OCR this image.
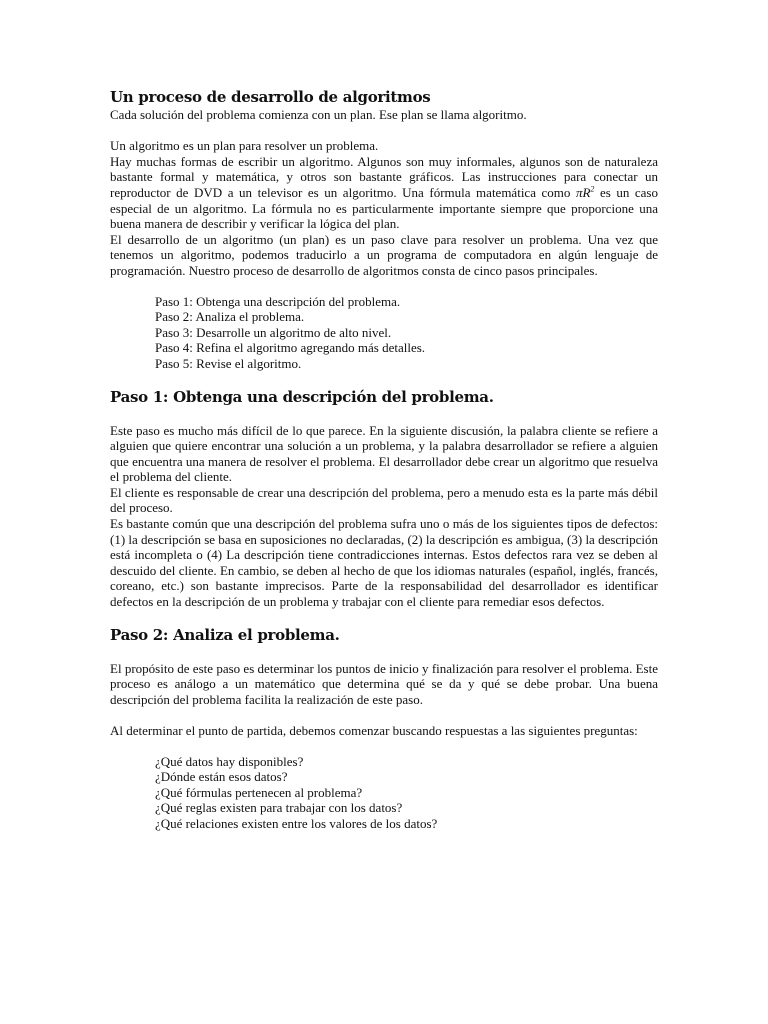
Un proceso de desarrollo de algoritmos

Cada solución del problema comienza con un plan. Ese plan se llama algoritmo.

Un algoritmo es un plan para resolver un problema.

Hay muchas formas de escribir un algoritmo. Algunos son muy informales, algunos son de naturaleza bastante formal y matemática, y otros son bastante gráficos. Las instrucciones para conectar un reproductor de DVD a un televisor es un algoritmo. Una fórmula matemática como $\pi R^2$ es un caso especial de un algoritmo. La fórmula no es particularmente importante siempre que proporcione una buena manera de describir y verificar la lógica del plan.

El desarrollo de un algoritmo (un plan) es un paso clave para resolver un problema. Una vez que tenemos un algoritmo, podemos traducirlo a un programa de computadora en algún lenguaje de programación. Nuestro proceso de desarrollo de algoritmos consta de cinco pasos principales.

Paso 1: Obtenga una descripción del problema.
Paso 2: Analiza el problema.
Paso 3: Desarrolle un algoritmo de alto nivel.
Paso 4: Refina el algoritmo agregando más detalles.
Paso 5: Revise el algoritmo.
Paso 1: Obtenga una descripción del problema.

Este paso es mucho más difícil de lo que parece. En la siguiente discusión, la palabra cliente se refiere a alguien que quiere encontrar una solución a un problema, y la palabra desarrollador se refiere a alguien que encuentra una manera de resolver el problema. El desarrollador debe crear un algoritmo que resuelva el problema del cliente.

El cliente es responsable de crear una descripción del problema, pero a menudo esta es la parte más débil del proceso.

Es bastante común que una descripción del problema sufra uno o más de los siguientes tipos de defectos: (1) la descripción se basa en suposiciones no declaradas, (2) la descripción es ambigua, (3) la descripción está incompleta o (4) La descripción tiene contradicciones internas. Estos defectos rara vez se deben al descuido del cliente. En cambio, se deben al hecho de que los idiomas naturales (español, inglés, francés, coreano, etc.) son bastante imprecisos. Parte de la responsabilidad del desarrollador es identificar defectos en la descripción de un problema y trabajar con el cliente para remediar esos defectos.

Paso 2: Analiza el problema.

El propósito de este paso es determinar los puntos de inicio y finalización para resolver el problema. Este proceso es análogo a un matemático que determina qué se da y qué se debe probar. Una buena descripción del problema facilita la realización de este paso.

Al determinar el punto de partida, debemos comenzar buscando respuestas a las siguientes preguntas:

¿Qué datos hay disponibles?
¿Dónde están esos datos?
¿Qué fórmulas pertenecen al problema?
¿Qué reglas existen para trabajar con los datos?
¿Qué relaciones existen entre los valores de los datos?
